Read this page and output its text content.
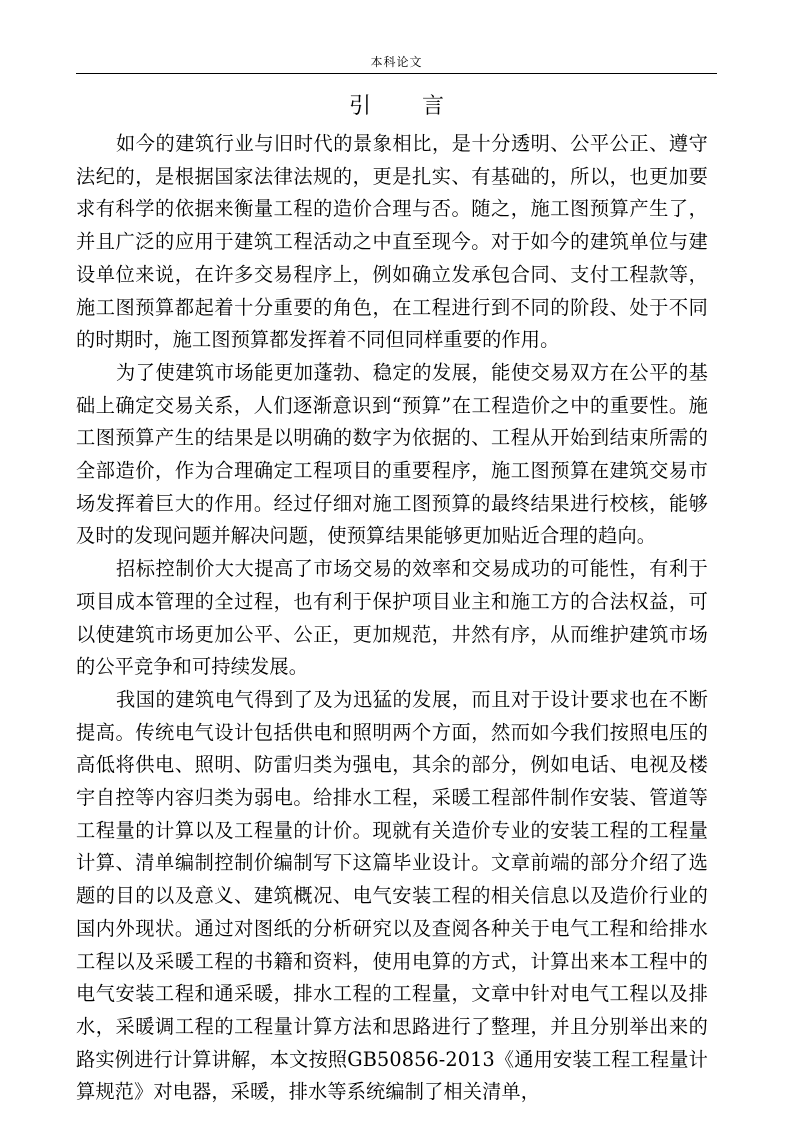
本科论文
引 言

如今的建筑行业与旧时代的景象相比，是十分透明、公平公正、遵守法纪的，是根据国家法律法规的，更是扎实、有基础的，所以，也更加要求有科学的依据来衡量工程的造价合理与否。随之，施工图预算产生了，并且广泛的应用于建筑工程活动之中直至现今。对于如今的建筑单位与建设单位来说，在许多交易程序上，例如确立发承包合同、支付工程款等，施工图预算都起着十分重要的角色，在工程进行到不同的阶段、处于不同的时期时，施工图预算都发挥着不同但同样重要的作用。

为了使建筑市场能更加蓬勃、稳定的发展，能使交易双方在公平的基础上确定交易关系，人们逐渐意识到“预算”在工程造价之中的重要性。施工图预算产生的结果是以明确的数字为依据的、工程从开始到结束所需的全部造价，作为合理确定工程项目的重要程序，施工图预算在建筑交易市场发挥着巨大的作用。经过仔细对施工图预算的最终结果进行校核，能够及时的发现问题并解决问题，使预算结果能够更加贴近合理的趋向。

招标控制价大大提高了市场交易的效率和交易成功的可能性，有利于项目成本管理的全过程，也有利于保护项目业主和施工方的合法权益，可以使建筑市场更加公平、公正，更加规范，井然有序，从而维护建筑市场的公平竞争和可持续发展。

我国的建筑电气得到了及为迅猛的发展，而且对于设计要求也在不断提高。传统电气设计包括供电和照明两个方面，然而如今我们按照电压的高低将供电、照明、防雷归类为强电，其余的部分，例如电话、电视及楼宇自控等内容归类为弱电。给排水工程，采暖工程部件制作安装、管道等工程量的计算以及工程量的计价。现就有关造价专业的安装工程的工程量计算、清单编制控制价编制写下这篇毕业设计。文章前端的部分介绍了选题的目的以及意义、建筑概况、电气安装工程的相关信息以及造价行业的国内外现状。通过对图纸的分析研究以及查阅各种关于电气工程和给排水工程以及采暖工程的书籍和资料，使用电算的方式，计算出来本工程中的电气安装工程和通采暖，排水工程的工程量，文章中针对电气工程以及排水，采暖调工程的工程量计算方法和思路进行了整理，并且分别举出来的路实例进行计算讲解，本文按照GB50856-2013《通用安装工程工程量计算规范》对电器，采暖，排水等系统编制了相关清单，
